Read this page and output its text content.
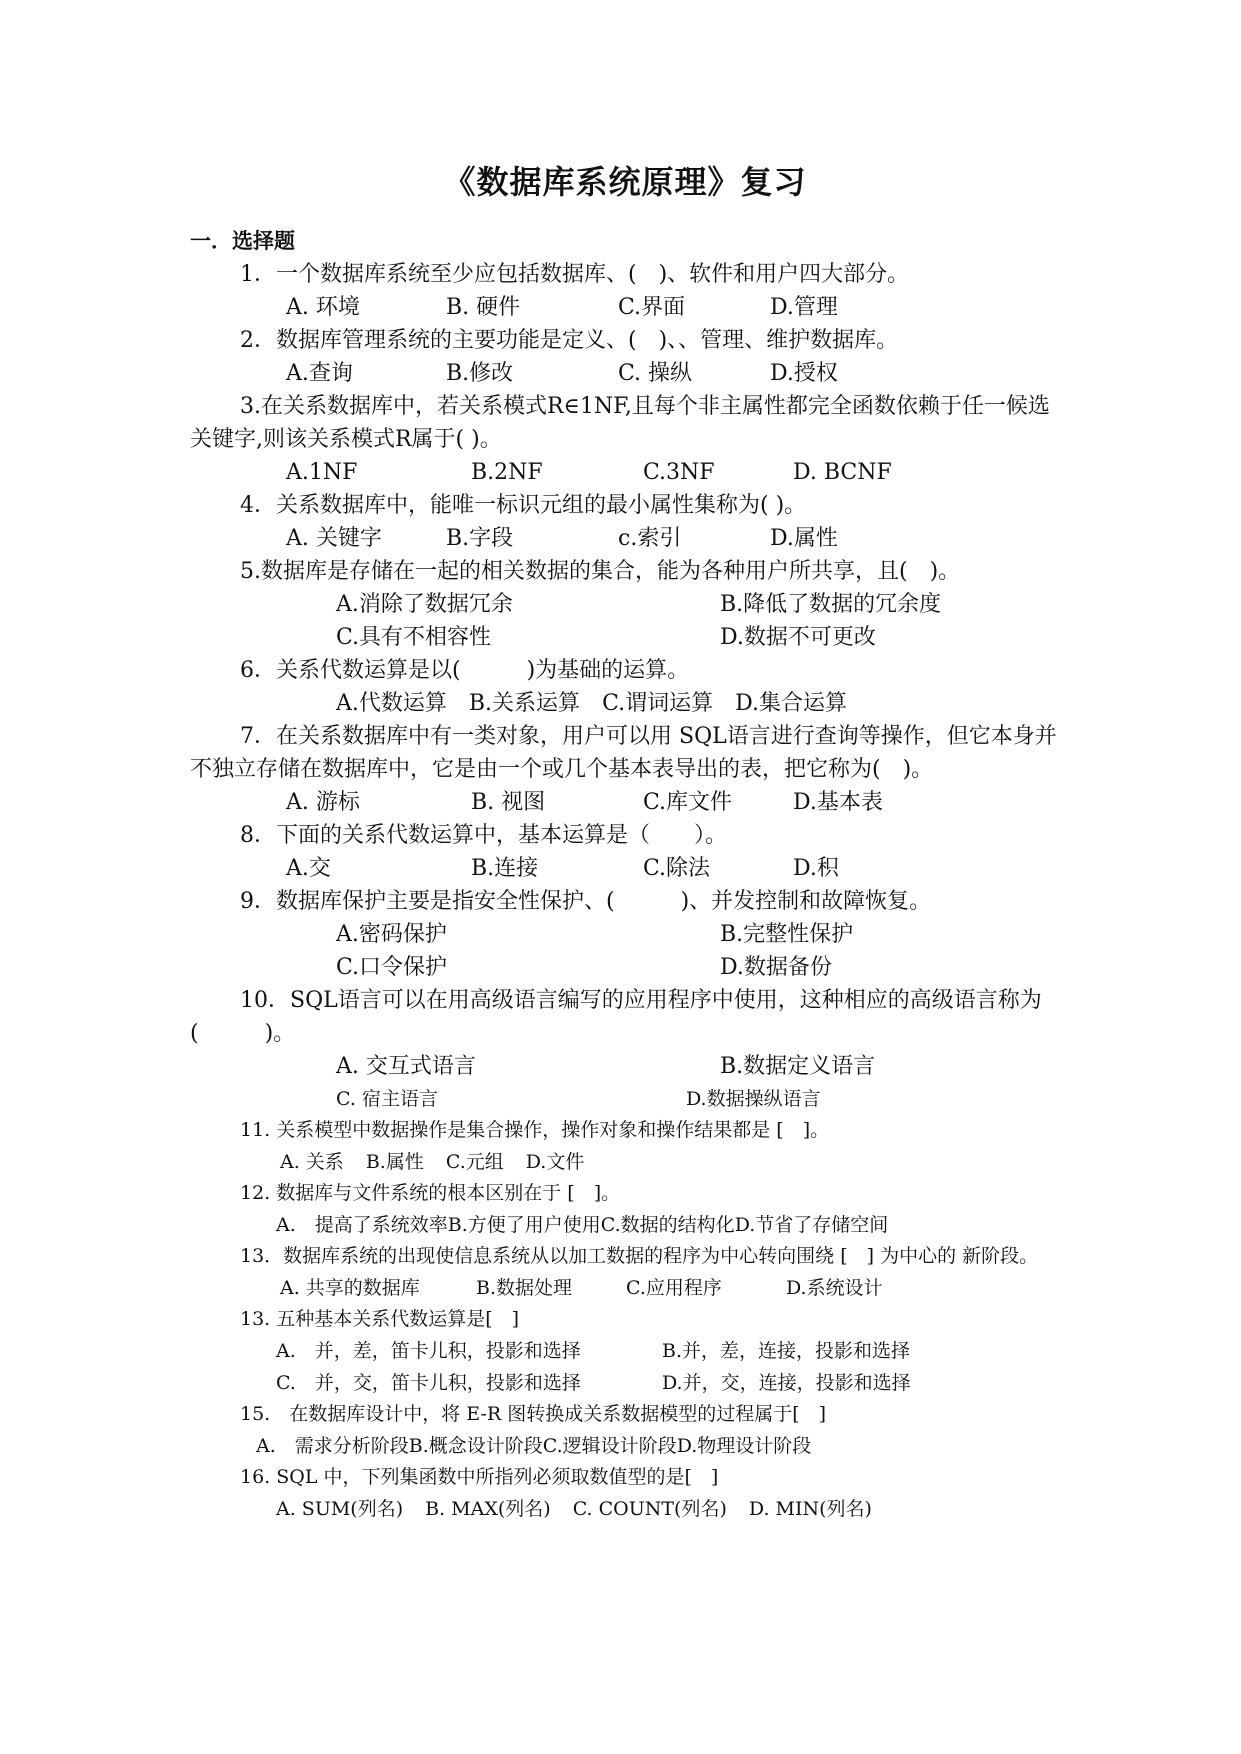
《数据库系统原理》复习
一．选择题

1．一个数据库系统至少应包括数据库、(　)、软件和用户四大部分。

A. 环境	B. 硬件	C.界面	D.管理

2．数据库管理系统的主要功能是定义、(　)、、管理、维护数据库。

A.查询	B.修改	C. 操纵	D.授权

3.在关系数据库中，若关系模式R∈1NF,且每个非主属性都完全函数依赖于任一候选关键字,则该关系模式R属于( )。

A.1NF	B.2NF	C.3NF	D. BCNF

4．关系数据库中，能唯一标识元组的最小属性集称为( )。

A. 关键字	B.字段	c.索引	D.属性

5.数据库是存储在一起的相关数据的集合，能为各种用户所共享，且(　)。

A.消除了数据冗余	B.降低了数据的冗余度
C.具有不相容性	D.数据不可更改

6．关系代数运算是以(　　　)为基础的运算。

A.代数运算 B.关系运算 C.谓词运算 D.集合运算

7．在关系数据库中有一类对象，用户可以用 SQL语言进行查询等操作，但它本身并不独立存储在数据库中，它是由一个或几个基本表导出的表，把它称为(　)。

A. 游标	B. 视图	C.库文件	D.基本表

8．下面的关系代数运算中，基本运算是（　　）。

A.交	B.连接	C.除法	D.积

9．数据库保护主要是指安全性保护、(　　　)、并发控制和故障恢复。

A.密码保护	B.完整性保护
C.口令保护	D.数据备份

10．SQL语言可以在用高级语言编写的应用程序中使用，这种相应的高级语言称为(　　　)。

A. 交互式语言	B.数据定义语言
C. 宿主语言	D.数据操纵语言

11. 关系模型中数据操作是集合操作，操作对象和操作结果都是 [　]。

A. 关系 B.属性 C.元组 D.文件

12. 数据库与文件系统的根本区别在于 [　]。

A.　提高了系统效率 B.方便了用户使用 C.数据的结构化 D.节省了存储空间

13．数据库系统的出现使信息系统从以加工数据的程序为中心转向围绕 [　] 为中心的 新阶段。

A. 共享的数据库	B.数据处理	C.应用程序	D.系统设计

13. 五种基本关系代数运算是[　]

A.　并，差，笛卡儿积，投影和选择	B.并，差，连接，投影和选择
C.　并，交，笛卡儿积，投影和选择	D.并，交，连接，投影和选择

15.　在数据库设计中，将 E-R 图转换成关系数据模型的过程属于[　]

A.　需求分析阶段 B.概念设计阶段 C.逻辑设计阶段 D.物理设计阶段

16. SQL 中，下列集函数中所指列必须取数值型的是[　]

A. SUM(列名) B. MAX(列名) C. COUNT(列名) D. MIN(列名)
